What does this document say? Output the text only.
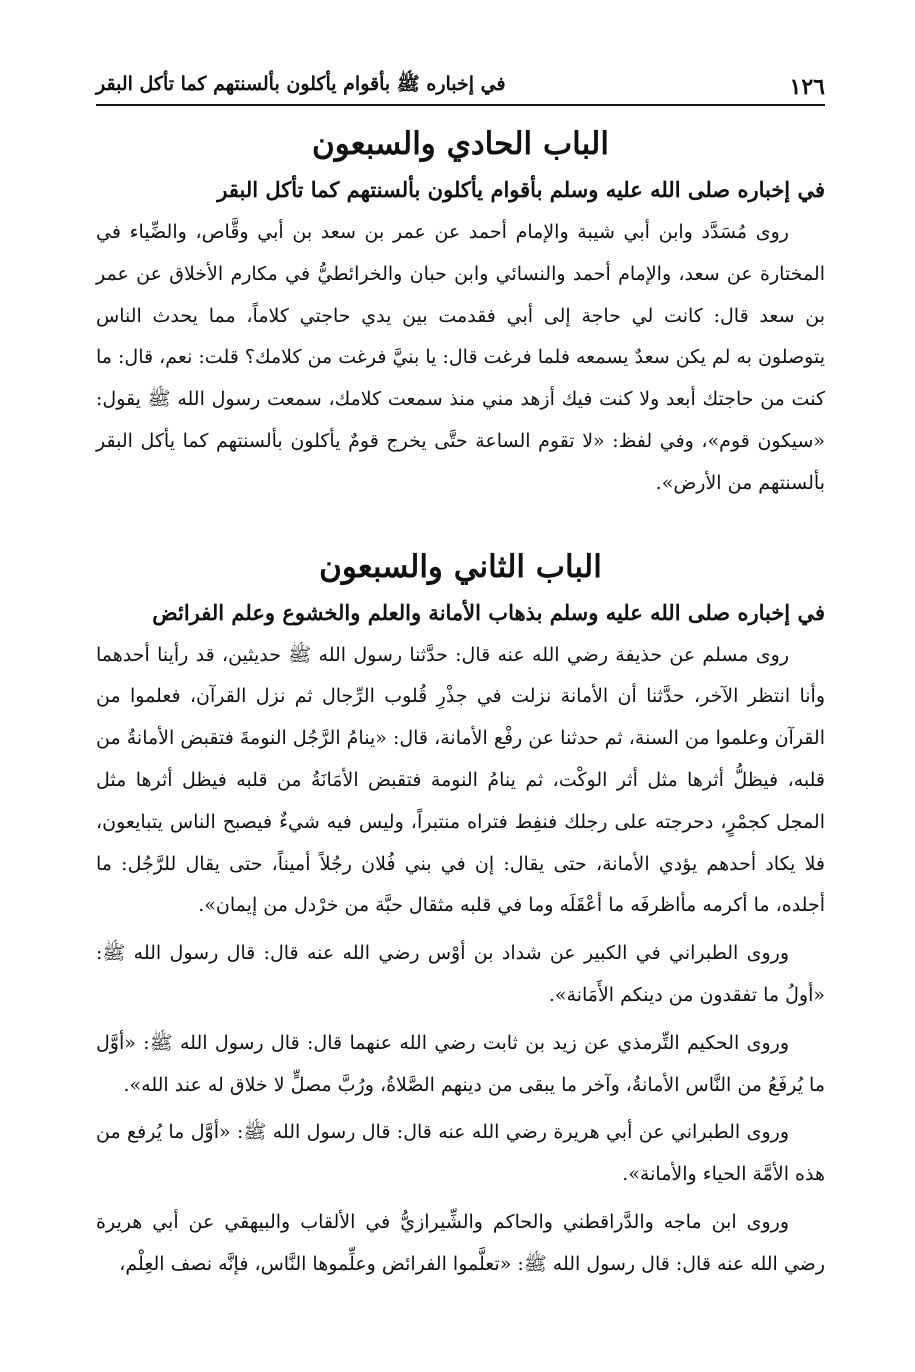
١٢٦
في إخباره ﷺ بأقوام يأكلون بألسنتهم كما تأكل البقر
الباب الحادي والسبعون
في إخباره صلى الله عليه وسلم بأقوام يأكلون بألسنتهم كما تأكل البقر

روى مُسَدَّد وابن أبي شيبة والإمام أحمد عن عمر بن سعد بن أبي وقَّاص، والضِّياء في المختارة عن سعد، والإمام أحمد والنسائي وابن حبان والخرائطيُّ في مكارم الأخلاق عن عمر بن سعد قال: كانت لي حاجة إلى أبي فقدمت بين يدي حاجتي كلاماً، مما يحدث الناس يتوصلون به لم يكن سعدٌ يسمعه فلما فرغت قال: يا بنيَّ فرغت من كلامك؟ قلت: نعم، قال: ما كنت من حاجتك أبعد ولا كنت فيك أزهد مني منذ سمعت كلامك، سمعت رسول الله ﷺ يقول: «سيكون قوم»، وفي لفظ: «لا تقوم الساعة حتَّى يخرج قومٌ يأكلون بألسنتهم كما يأكل البقر بألسنتهم من الأرض».

الباب الثاني والسبعون
في إخباره صلى الله عليه وسلم بذهاب الأمانة والعلم والخشوع وعلم الفرائض

روى مسلم عن حذيفة رضي الله عنه قال: حدَّثنا رسول الله ﷺ حديثين، قد رأينا أحدهما وأنا انتظر الآخر، حدَّثنا أن الأمانة نزلت في جذْرِ قُلوب الرِّجال ثم نزل القرآن، فعلموا من القرآن وعلموا من السنة، ثم حدثنا عن رفْع الأمانة، قال: «ينامُ الرَّجُل النومةَ فتقبض الأمانةُ من قلبه، فيظلُّ أثرها مثل أثر الوكْت، ثم ينامُ النومة فتقبض الأمَانَةُ من قلبه فيظل أثرها مثل المجل كجمْرٍ، دحرجته على رجلك فنفِط فتراه منتبراً، وليس فيه شيءٌ فيصبح الناس يتبايعون، فلا يكاد أحدهم يؤدي الأمانة، حتى يقال: إن في بني فُلان رجُلاً أميناً، حتى يقال للرَّجُل: ما أجلده، ما أكرمه مأاظرفَه ما أعْقَلَه وما في قلبه مثقال حبَّة من خرْدل من إيمان».

وروى الطبراني في الكبير عن شداد بن أوْس رضي الله عنه قال: قال رسول الله ﷺ: «أولُ ما تفقدون من دينكم الأَمَانة».

وروى الحكيم التِّرمذي عن زيد بن ثابت رضي الله عنهما قال: قال رسول الله ﷺ: «أوَّل ما يُرفَعُ من النَّاس الأمانةُ، وآخر ما يبقى من دينهم الصَّلاةُ، ورُبَّ مصلٍّ لا خلاق له عند الله».

وروى الطبراني عن أبي هريرة رضي الله عنه قال: قال رسول الله ﷺ: «أوَّل ما يُرفع من هذه الأمَّة الحياء والأمانة».

وروى ابن ماجه والدَّراقطني والحاكم والشِّيرازيُّ في الألقاب والبيهقي عن أبي هريرة رضي الله عنه قال: قال رسول الله ﷺ: «تعلَّموا الفرائض وعلِّموها النَّاس، فإنَّه نصف العِلْم،
